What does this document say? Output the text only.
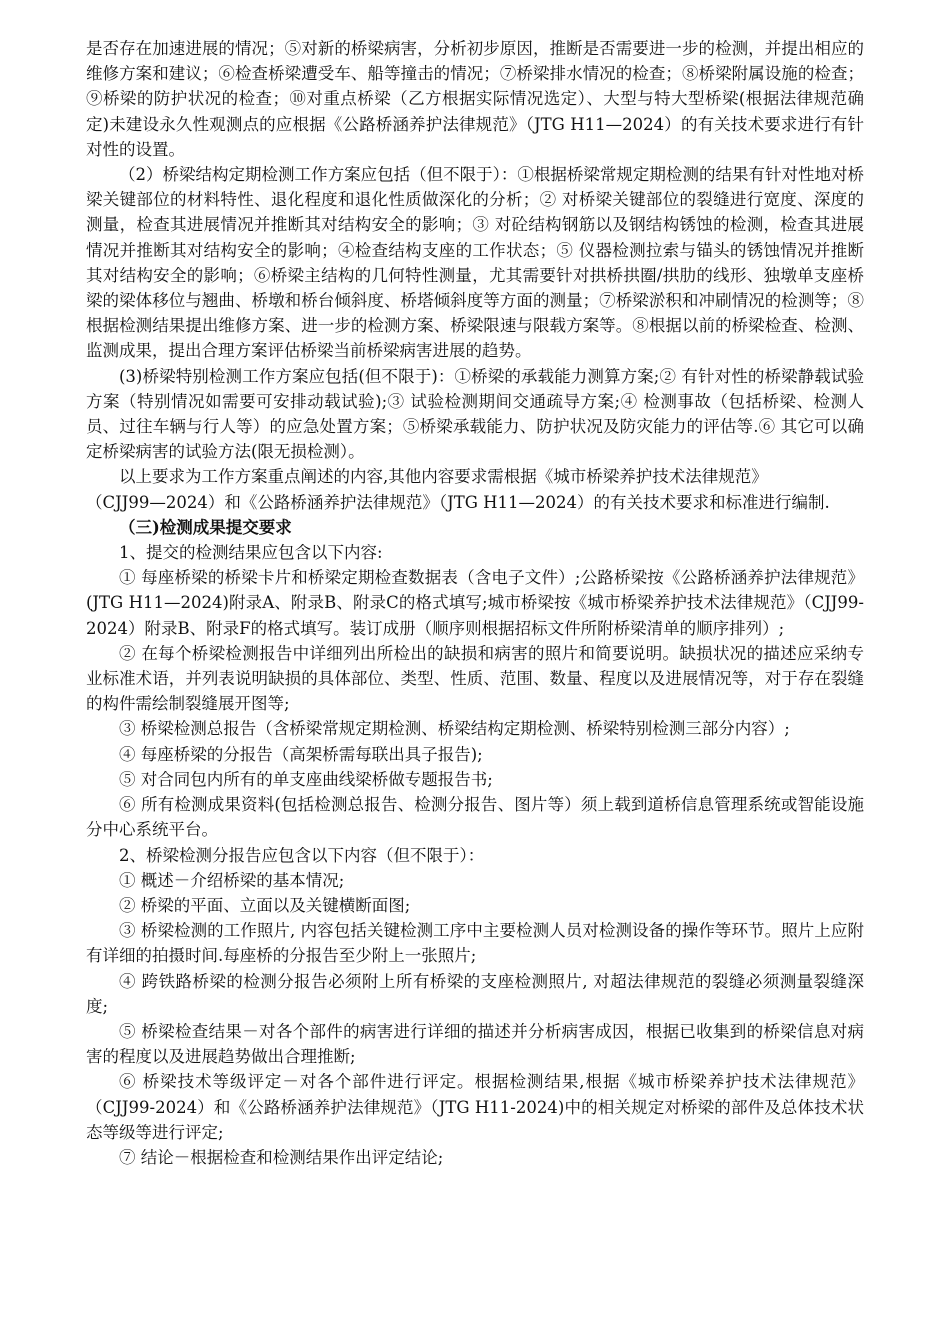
是否存在加速进展的情况；⑤对新的桥梁病害，分析初步原因，推断是否需要进一步的检测，并提出相应的维修方案和建议；⑥检查桥梁遭受车、船等撞击的情况；⑦桥梁排水情况的检查；⑧桥梁附属设施的检查；⑨桥梁的防护状况的检查；⑩对重点桥梁（乙方根据实际情况选定）、大型与特大型桥梁(根据法律规范确定)未建设永久性观测点的应根据《公路桥涵养护法律规范》（JTG H11—2024）的有关技术要求进行有针对性的设置。

（2）桥梁结构定期检测工作方案应包括（但不限于）：①根据桥梁常规定期检测的结果有针对性地对桥梁关键部位的材料特性、退化程度和退化性质做深化的分析；② 对桥梁关键部位的裂缝进行宽度、深度的测量，检查其进展情况并推断其对结构安全的影响；③ 对砼结构钢筋以及钢结构锈蚀的检测，检查其进展情况并推断其对结构安全的影响；④检查结构支座的工作状态；⑤ 仪器检测拉索与锚头的锈蚀情况并推断其对结构安全的影响；⑥桥梁主结构的几何特性测量，尤其需要针对拱桥拱圈/拱肋的线形、独墩单支座桥梁的梁体移位与翘曲、桥墩和桥台倾斜度、桥塔倾斜度等方面的测量；⑦桥梁淤积和冲刷情况的检测等；⑧根据检测结果提出维修方案、进一步的检测方案、桥梁限速与限载方案等。⑧根据以前的桥梁检查、检测、监测成果，提出合理方案评估桥梁当前桥梁病害进展的趋势。

(3)桥梁特别检测工作方案应包括(但不限于)：①桥梁的承载能力测算方案;② 有针对性的桥梁静载试验方案（特别情况如需要可安排动载试验);③ 试验检测期间交通疏导方案;④ 检测事故（包括桥梁、检测人员、过往车辆与行人等）的应急处置方案；⑤桥梁承载能力、防护状况及防灾能力的评估等.⑥ 其它可以确定桥梁病害的试验方法(限无损检测）。

以上要求为工作方案重点阐述的内容,其他内容要求需根据《城市桥梁养护技术法律规范》

（CJJ99—2024）和《公路桥涵养护法律规范》（JTG H11—2024）的有关技术要求和标准进行编制.

（三)检测成果提交要求

1、提交的检测结果应包含以下内容:

① 每座桥梁的桥梁卡片和桥梁定期检查数据表（含电子文件）;公路桥梁按《公路桥涵养护法律规范》(JTG H11—2024)附录A、附录B、附录C的格式填写;城市桥梁按《城市桥梁养护技术法律规范》（CJJ99-2024）附录B、附录F的格式填写。装订成册（顺序则根据招标文件所附桥梁清单的顺序排列）;

② 在每个桥梁检测报告中详细列出所检出的缺损和病害的照片和简要说明。缺损状况的描述应采纳专业标准术语，并列表说明缺损的具体部位、类型、性质、范围、数量、程度以及进展情况等，对于存在裂缝的构件需绘制裂缝展开图等;

③ 桥梁检测总报告（含桥梁常规定期检测、桥梁结构定期检测、桥梁特别检测三部分内容）;

④ 每座桥梁的分报告（高架桥需每联出具子报告);

⑤ 对合同包内所有的单支座曲线梁桥做专题报告书;

⑥ 所有检测成果资料(包括检测总报告、检测分报告、图片等）须上载到道桥信息管理系统或智能设施分中心系统平台。

2、桥梁检测分报告应包含以下内容（但不限于）：

① 概述－介绍桥梁的基本情况;

② 桥梁的平面、立面以及关键横断面图;

③ 桥梁检测的工作照片, 内容包括关键检测工序中主要检测人员对检测设备的操作等环节。照片上应附有详细的拍摄时间.每座桥的分报告至少附上一张照片;

④ 跨铁路桥梁的检测分报告必须附上所有桥梁的支座检测照片, 对超法律规范的裂缝必须测量裂缝深度;

⑤ 桥梁检查结果－对各个部件的病害进行详细的描述并分析病害成因，根据已收集到的桥梁信息对病害的程度以及进展趋势做出合理推断;

⑥ 桥梁技术等级评定－对各个部件进行评定。根据检测结果,根据《城市桥梁养护技术法律规范》（CJJ99-2024）和《公路桥涵养护法律规范》（JTG H11-2024)中的相关规定对桥梁的部件及总体技术状态等级等进行评定;

⑦ 结论－根据检查和检测结果作出评定结论;
